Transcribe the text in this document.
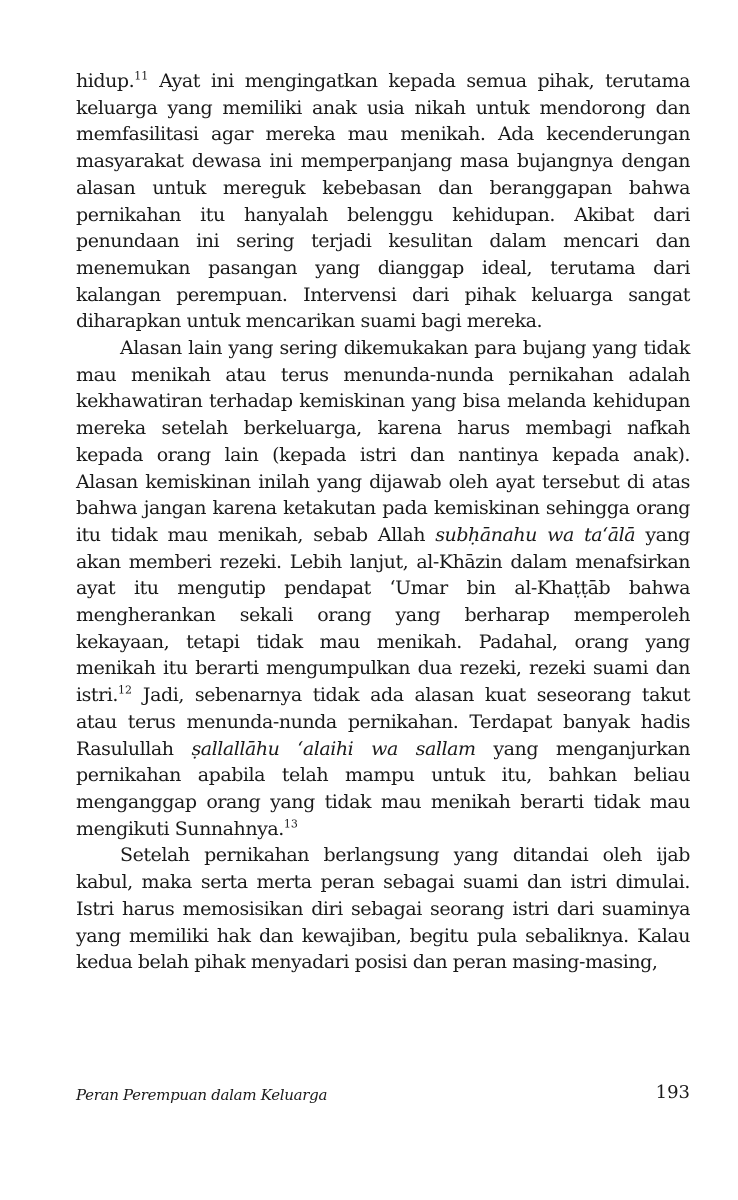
hidup.$^{11}$ Ayat ini mengingatkan kepada semua pihak, terutama keluarga yang memiliki anak usia nikah untuk mendorong dan memfasilitasi agar mereka mau menikah. Ada kecenderungan masyarakat dewasa ini memperpanjang masa bujangnya dengan alasan untuk mereguk kebebasan dan beranggapan bahwa pernikahan itu hanyalah belenggu kehidupan. Akibat dari penundaan ini sering terjadi kesulitan dalam mencari dan menemukan pasangan yang dianggap ideal, terutama dari kalangan perempuan. Intervensi dari pihak keluarga sangat diharapkan untuk mencarikan suami bagi mereka.

Alasan lain yang sering dikemukakan para bujang yang tidak mau menikah atau terus menunda-nunda pernikahan adalah kekhawatiran terhadap kemiskinan yang bisa melanda kehidupan mereka setelah berkeluarga, karena harus membagi nafkah kepada orang lain (kepada istri dan nantinya kepada anak). Alasan kemiskinan inilah yang dijawab oleh ayat tersebut di atas bahwa jangan karena ketakutan pada kemiskinan sehingga orang itu tidak mau menikah, sebab Allah subḥānahu wa ta‘ālā yang akan memberi rezeki. Lebih lanjut, al-Khāzin dalam menafsirkan ayat itu mengutip pendapat ‘Umar bin al-Khaṭṭāb bahwa mengherankan sekali orang yang berharap memperoleh kekayaan, tetapi tidak mau menikah. Padahal, orang yang menikah itu berarti mengumpulkan dua rezeki, rezeki suami dan istri.$^{12}$ Jadi, sebenarnya tidak ada alasan kuat seseorang takut atau terus menunda-nunda pernikahan. Terdapat banyak hadis Rasulullah ṣallallāhu ‘alaihi wa sallam yang menganjurkan pernikahan apabila telah mampu untuk itu, bahkan beliau menganggap orang yang tidak mau menikah berarti tidak mau mengikuti Sunnahnya.$^{13}$

Setelah pernikahan berlangsung yang ditandai oleh ijab kabul, maka serta merta peran sebagai suami dan istri dimulai. Istri harus memosisikan diri sebagai seorang istri dari suaminya yang memiliki hak dan kewajiban, begitu pula sebaliknya. Kalau kedua belah pihak menyadari posisi dan peran masing-masing,

Peran Perempuan dalam Keluarga	193
